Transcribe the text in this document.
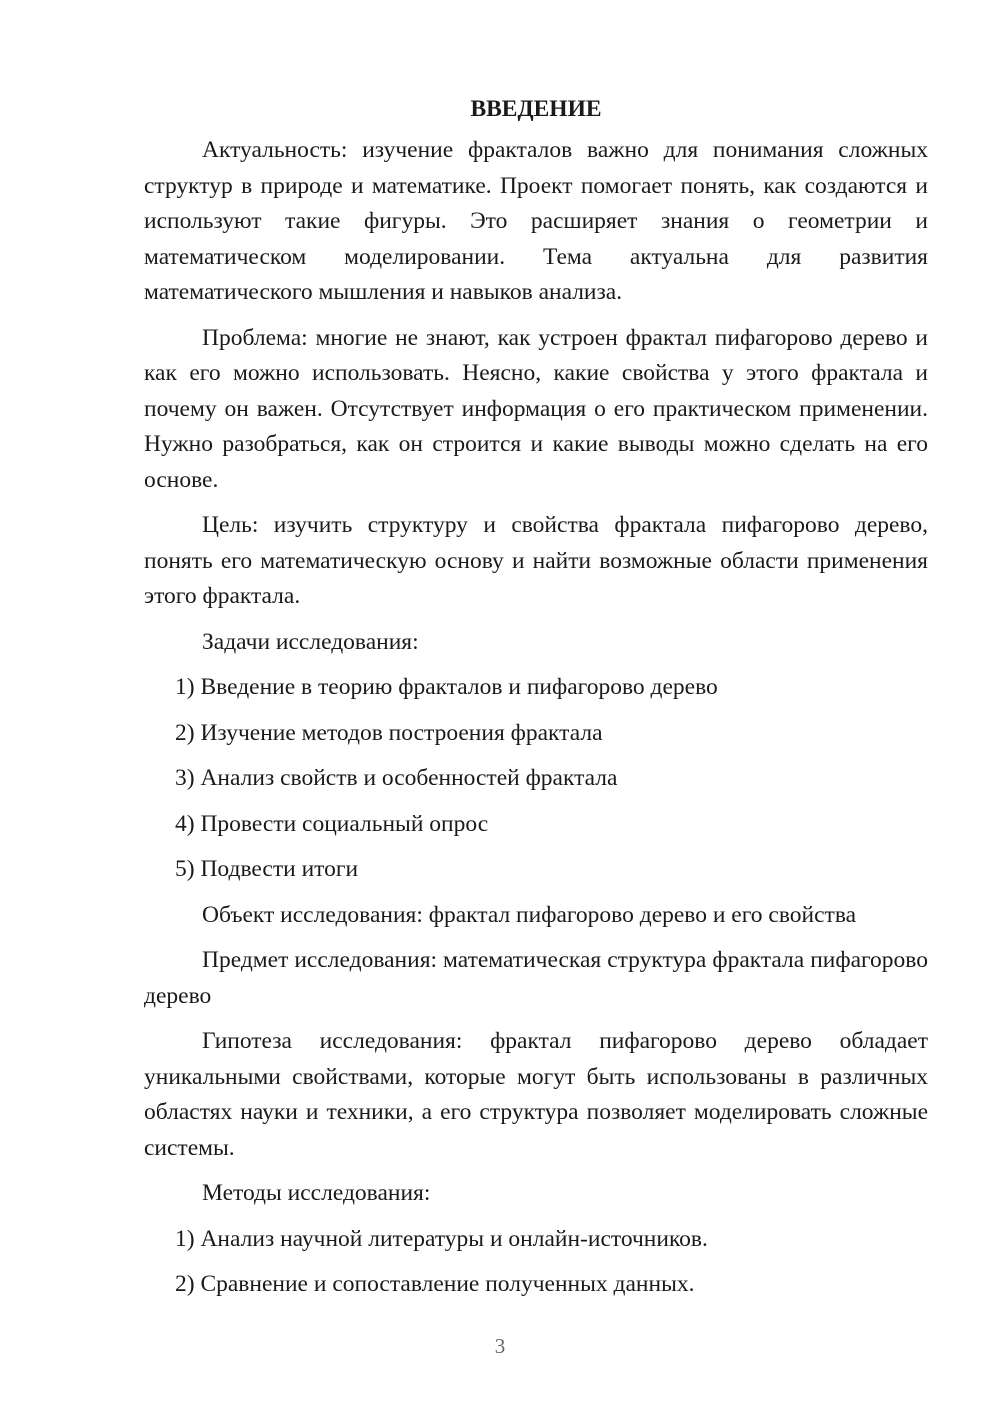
ВВЕДЕНИЕ

Актуальность: изучение фракталов важно для понимания сложных структур в природе и математике. Проект помогает понять, как создаются и используют такие фигуры. Это расширяет знания о геометрии и математическом моделировании. Тема актуальна для развития математического мышления и навыков анализа.

Проблема: многие не знают, как устроен фрактал пифагорово дерево и как его можно использовать. Неясно, какие свойства у этого фрактала и почему он важен. Отсутствует информация о его практическом применении. Нужно разобраться, как он строится и какие выводы можно сделать на его основе.

Цель: изучить структуру и свойства фрактала пифагорово дерево, понять его математическую основу и найти возможные области применения этого фрактала.

Задачи исследования:

1) Введение в теорию фракталов и пифагорово дерево
2) Изучение методов построения фрактала
3) Анализ свойств и особенностей фрактала
4) Провести социальный опрос
5) Подвести итоги

Объект исследования: фрактал пифагорово дерево и его свойства

Предмет исследования: математическая структура фрактала пифагорово дерево

Гипотеза исследования: фрактал пифагорово дерево обладает уникальными свойствами, которые могут быть использованы в различных областях науки и техники, а его структура позволяет моделировать сложные системы.

Методы исследования:

1) Анализ научной литературы и онлайн-источников.
2) Сравнение и сопоставление полученных данных.
3
